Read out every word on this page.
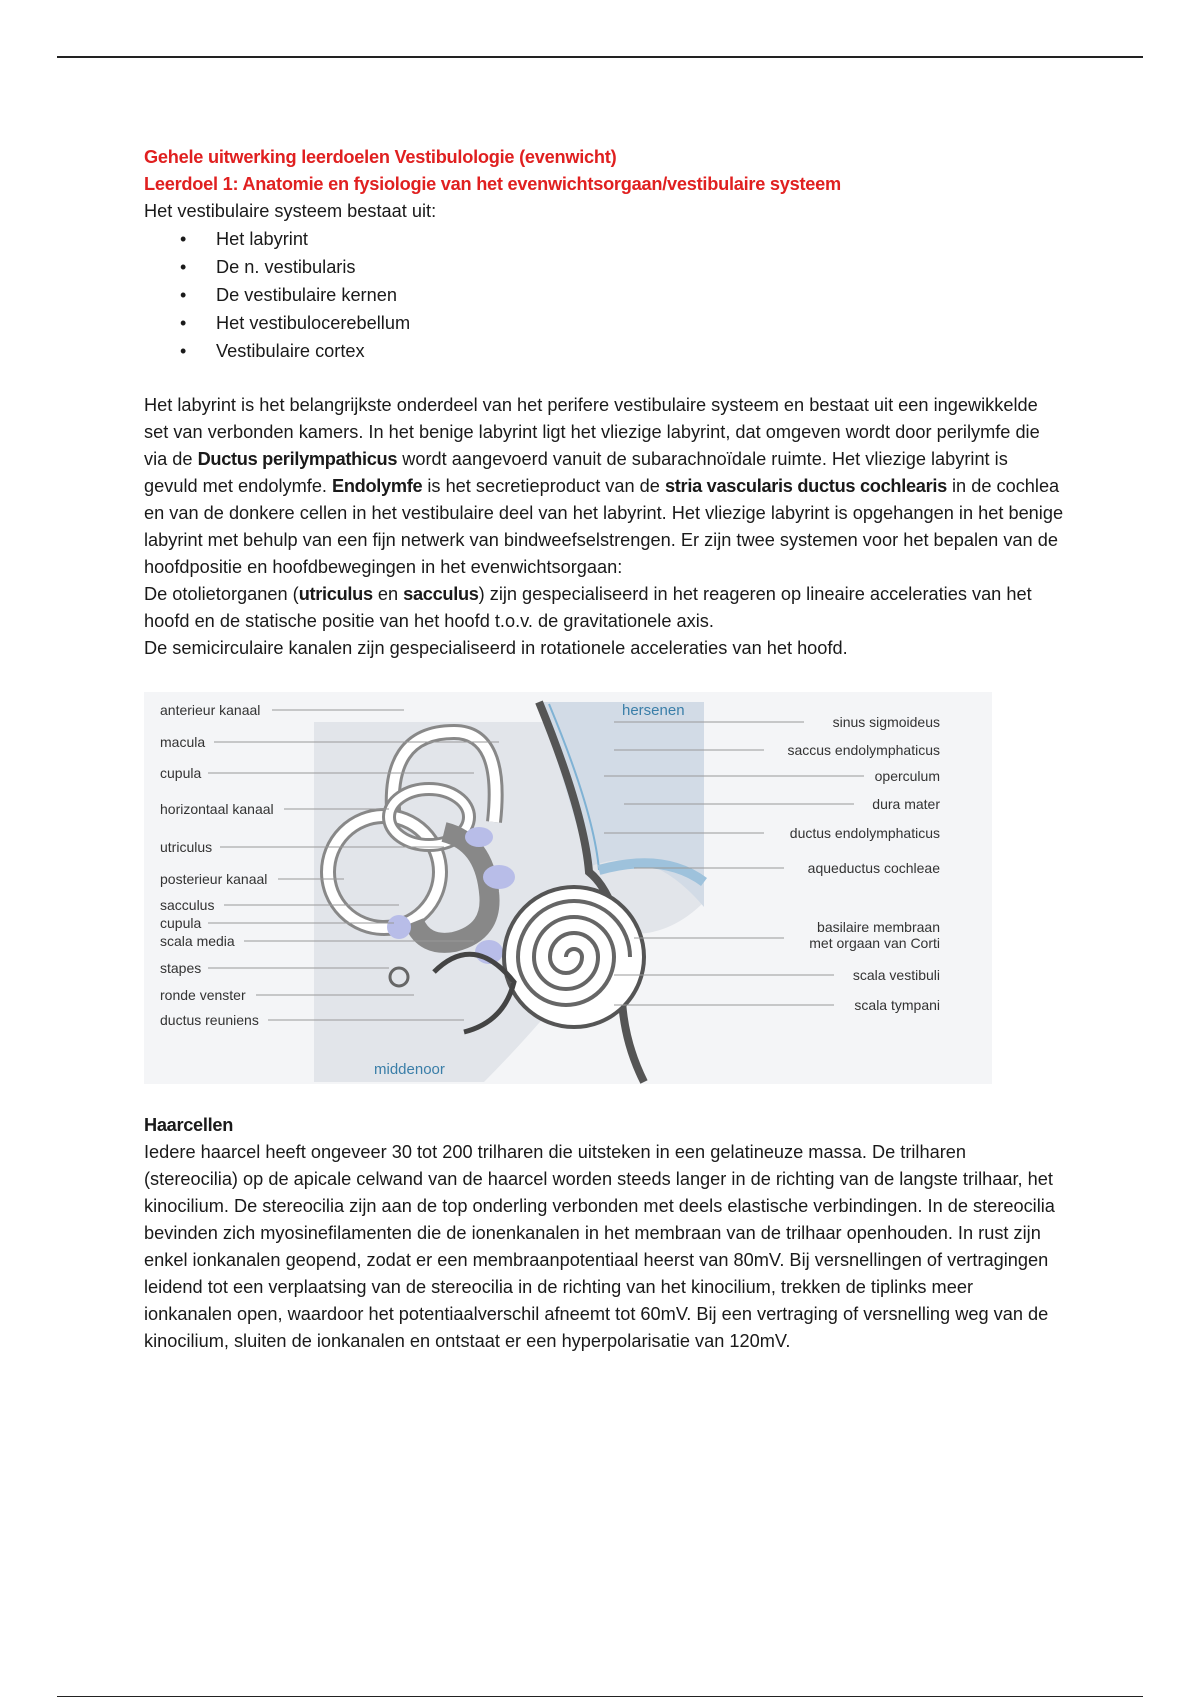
Gehele uitwerking leerdoelen Vestibulologie (evenwicht)
Leerdoel 1: Anatomie en fysiologie van het evenwichtsorgaan/vestibulaire systeem

Het vestibulaire systeem bestaat uit:

• Het labyrint
• De n. vestibularis
• De vestibulaire kernen
• Het vestibulocerebellum
• Vestibulaire cortex

Het labyrint is het belangrijkste onderdeel van het perifere vestibulaire systeem en bestaat uit een ingewikkelde set van verbonden kamers. In het benige labyrint ligt het vliezige labyrint, dat omgeven wordt door perilymfe die via de Ductus perilympathicus wordt aangevoerd vanuit de subarachnoïdale ruimte. Het vliezige labyrint is gevuld met endolymfe. Endolymfe is het secretieproduct van de stria vascularis ductus cochlearis in de cochlea en van de donkere cellen in het vestibulaire deel van het labyrint. Het vliezige labyrint is opgehangen in het benige labyrint met behulp van een fijn netwerk van bindweefselstrengen. Er zijn twee systemen voor het bepalen van de hoofdpositie en hoofdbewegingen in het evenwichtsorgaan:

De otolietorganen (utriculus en sacculus) zijn gespecialiseerd in het reageren op lineaire acceleraties van het hoofd en de statische positie van het hoofd t.o.v. de gravitationele axis.

De semicirculaire kanalen zijn gespecialiseerd in rotationele acceleraties van het hoofd.

anterieur kanaal
macula
cupula
horizontaal kanaal
utriculus
posterieur kanaal
sacculus
cupula
scala media
stapes
ronde venster
ductus reuniens
sinus sigmoideus
saccus endolymphaticus
operculum
dura mater
ductus endolymphaticus
aqueductus cochleae
basilaire membraan
met orgaan van Corti
scala vestibuli
scala tympani
hersenen
middenoor

Haarcellen

Iedere haarcel heeft ongeveer 30 tot 200 trilharen die uitsteken in een gelatineuze massa. De trilharen (stereocilia) op de apicale celwand van de haarcel worden steeds langer in de richting van de langste trilhaar, het kinocilium. De stereocilia zijn aan de top onderling verbonden met deels elastische verbindingen. In de stereocilia bevinden zich myosinefilamenten die de ionenkanalen in het membraan van de trilhaar openhouden. In rust zijn enkel ionkanalen geopend, zodat er een membraanpotentiaal heerst van 80mV. Bij versnellingen of vertragingen leidend tot een verplaatsing van de stereocilia in de richting van het kinocilium, trekken de tiplinks meer ionkanalen open, waardoor het potentiaalverschil afneemt tot 60mV. Bij een vertraging of versnelling weg van de kinocilium, sluiten de ionkanalen en ontstaat er een hyperpolarisatie van 120mV.
